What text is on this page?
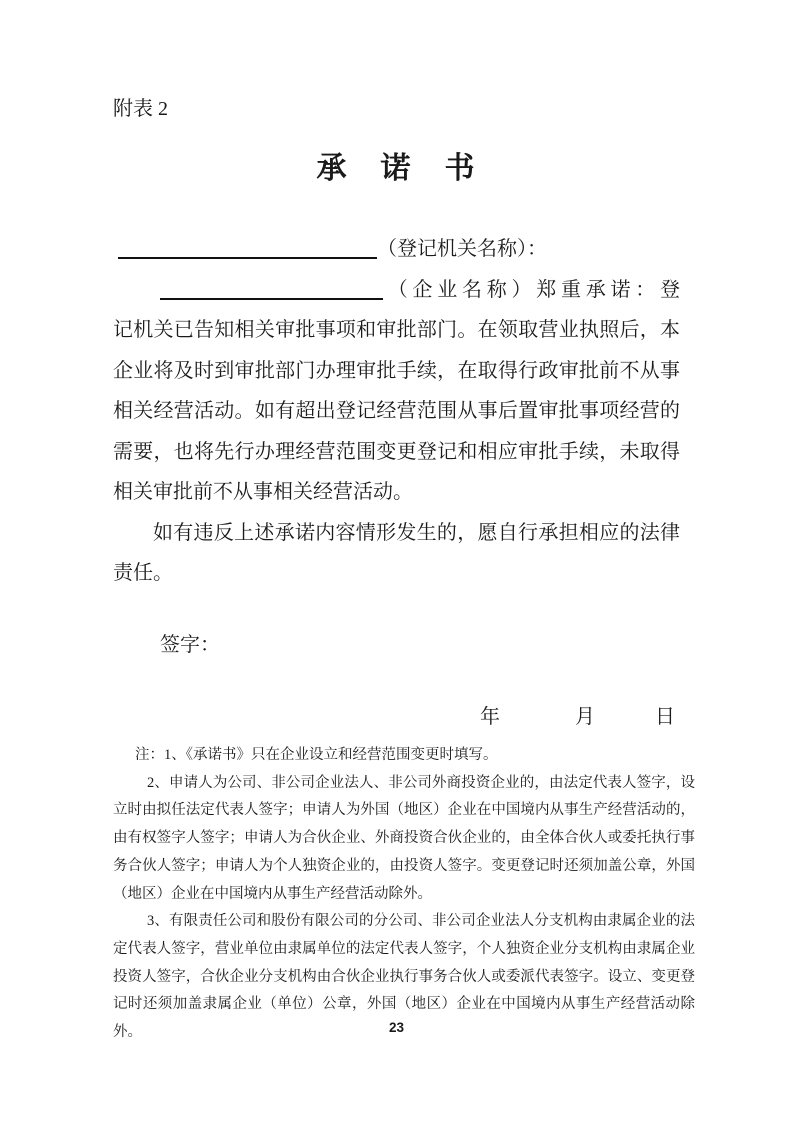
附表 2
承　诺　书
（登记机关名称）：
（企业名称）郑重承诺：登
记机关已告知相关审批事项和审批部门。在领取营业执照后，本
企业将及时到审批部门办理审批手续，在取得行政审批前不从事
相关经营活动。如有超出登记经营范围从事后置审批事项经营的
需要，也将先行办理经营范围变更登记和相应审批手续，未取得
相关审批前不从事相关经营活动。
如有违反上述承诺内容情形发生的，愿自行承担相应的法律
责任。
签字：
年	月	日

注：1、《承诺书》只在企业设立和经营范围变更时填写。

2、申请人为公司、非公司企业法人、非公司外商投资企业的，由法定代表人签字，设立时由拟任法定代表人签字；申请人为外国（地区）企业在中国境内从事生产经营活动的，由有权签字人签字；申请人为合伙企业、外商投资合伙企业的，由全体合伙人或委托执行事务合伙人签字；申请人为个人独资企业的，由投资人签字。变更登记时还须加盖公章，外国（地区）企业在中国境内从事生产经营活动除外。

3、有限责任公司和股份有限公司的分公司、非公司企业法人分支机构由隶属企业的法定代表人签字，营业单位由隶属单位的法定代表人签字，个人独资企业分支机构由隶属企业投资人签字，合伙企业分支机构由合伙企业执行事务合伙人或委派代表签字。设立、变更登记时还须加盖隶属企业（单位）公章，外国（地区）企业在中国境内从事生产经营活动除外。	23
